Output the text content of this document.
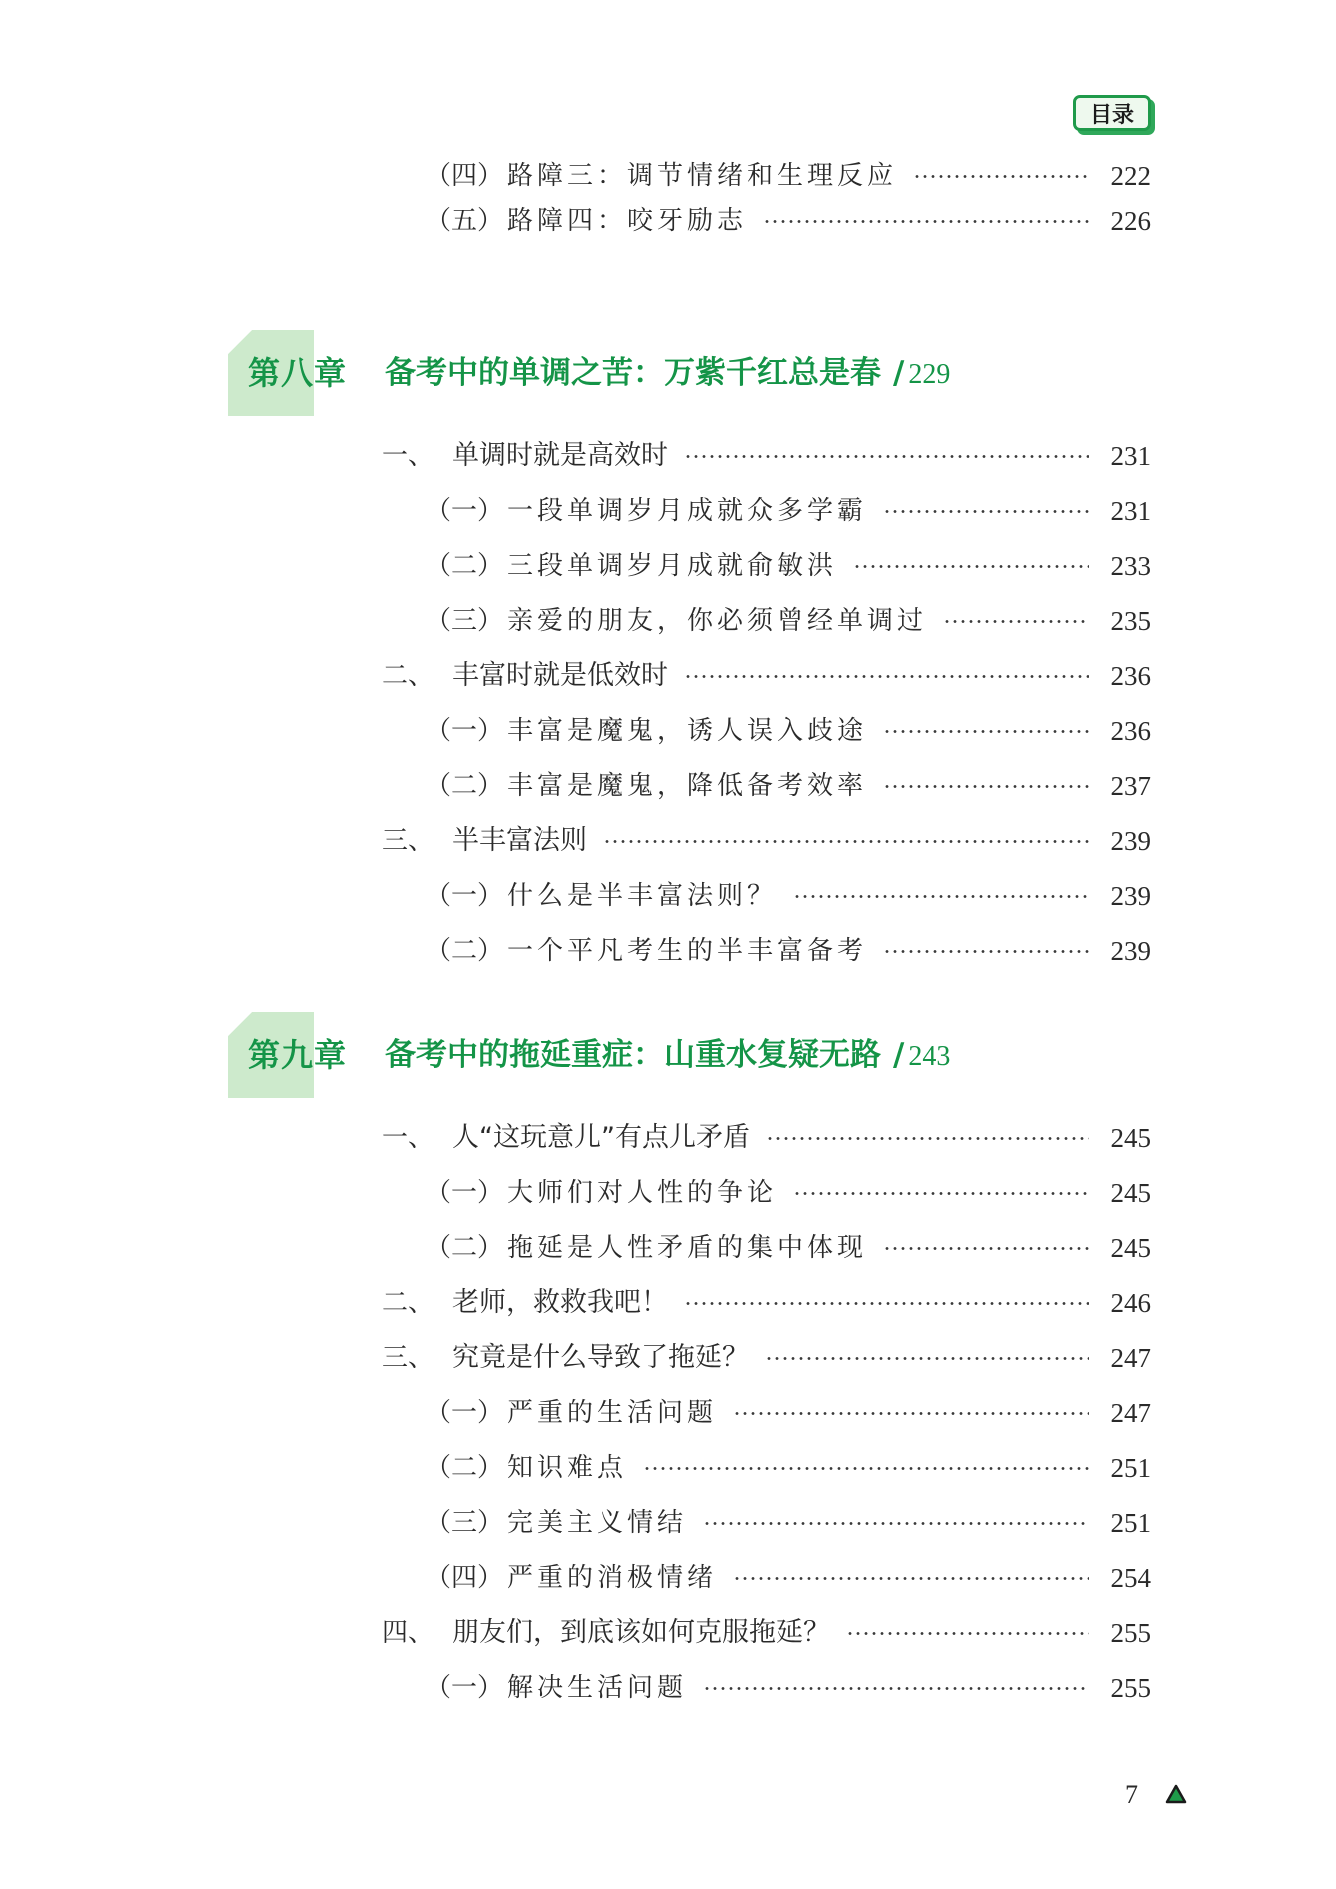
目录
（四） 路障三：调节情绪和生理反应	222
（五） 路障四：咬牙励志	226
第八章 备考中的单调之苦：万紫千红总是春 / 229
一、 单调时就是高效时	231
（一） 一段单调岁月成就众多学霸	231
（二） 三段单调岁月成就俞敏洪	233
（三） 亲爱的朋友，你必须曾经单调过	235
二、 丰富时就是低效时	236
（一） 丰富是魔鬼，诱人误入歧途	236
（二） 丰富是魔鬼，降低备考效率	237
三、 半丰富法则	239
（一） 什么是半丰富法则？	239
（二） 一个平凡考生的半丰富备考	239
第九章 备考中的拖延重症：山重水复疑无路 / 243
一、 人“这玩意儿”有点儿矛盾	245
（一） 大师们对人性的争论	245
（二） 拖延是人性矛盾的集中体现	245
二、 老师，救救我吧！	246
三、 究竟是什么导致了拖延？	247
（一） 严重的生活问题	247
（二） 知识难点	251
（三） 完美主义情结	251
（四） 严重的消极情绪	254
四、 朋友们，到底该如何克服拖延？	255
（一） 解决生活问题	255
7
